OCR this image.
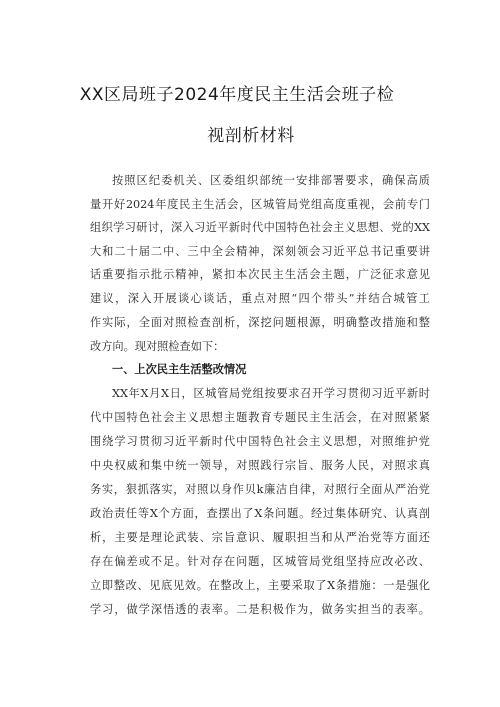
XX区局班子2024年度民主生活会班子检
视剖析材料
按照区纪委机关、区委组织部统一安排部署要求，确保高质
量开好2024年度民主生活会，区城管局党组高度重视，会前专门
组织学习研讨，深入习近平新时代中国特色社会主义思想、党的XX
大和二十届二中、三中全会精神，深刻领会习近平总书记重要讲
话重要指示批示精神，紧扣本次民主生活会主题，广泛征求意见
建议，深入开展谈心谈话，重点对照“四个带头”并结合城管工
作实际，全面对照检查剖析，深挖问题根源，明确整改措施和整
改方向。现对照检查如下：
一、上次民主生活整改情况
XX年X月X日，区城管局党组按要求召开学习贯彻习近平新时
代中国特色社会主义思想主题教育专题民主生活会，在对照紧紧
围绕学习贯彻习近平新时代中国特色社会主义思想，对照维护党
中央权威和集中统一领导，对照践行宗旨、服务人民，对照求真
务实，狠抓落实，对照以身作贝k廉洁自律，对照行全面从严治党
政治责任等X个方面，查摆出了X条问题。经过集体研究、认真剖
析，主要是理论武装、宗旨意识、履职担当和从严治党等方面还
存在偏差或不足。针对存在问题，区城管局党组坚持应改必改、
立即整改、见底见效。在整改上，主要采取了X条措施：一是强化
学习，做学深悟透的表率。二是积极作为，做务实担当的表率。
